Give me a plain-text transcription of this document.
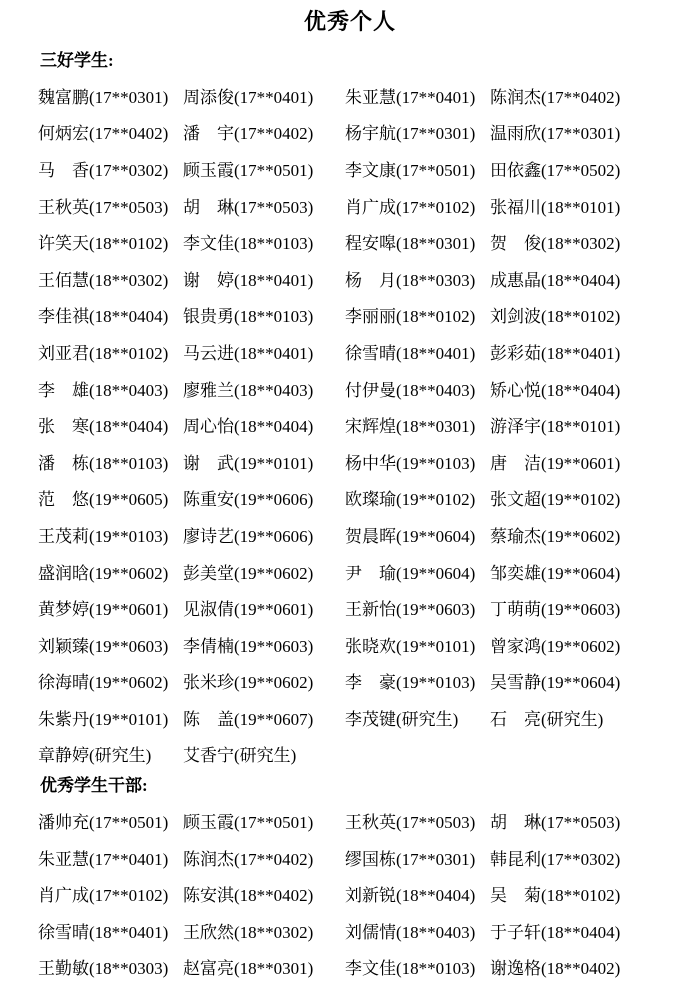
优秀个人
三好学生:
魏富鹏(17**0301) 周添俊(17**0401)	朱亚慧(17**0401) 陈润杰(17**0402)
何炳宏(17**0402) 潘　宇(17**0402)	杨宇航(17**0301) 温雨欣(17**0301)
马　香(17**0302) 顾玉霞(17**0501)	李文康(17**0501) 田依鑫(17**0502)
王秋英(17**0503) 胡　琳(17**0503)	肖广成(17**0102) 张福川(18**0101)
许笑天(18**0102) 李文佳(18**0103)	程安嗥(18**0301) 贺　俊(18**0302)
王佰慧(18**0302) 谢　婷(18**0401)	杨　月(18**0303) 成惠晶(18**0404)
李佳祺(18**0404) 银贵勇(18**0103)	李丽丽(18**0102) 刘剑波(18**0102)
刘亚君(18**0102) 马云进(18**0401)	徐雪晴(18**0401) 彭彩茹(18**0401)
李　雄(18**0403) 廖雅兰(18**0403)	付伊曼(18**0403) 矫心悦(18**0404)
张　寒(18**0404) 周心怡(18**0404)	宋辉煌(18**0301) 游泽宇(18**0101)
潘　栋(18**0103) 谢　武(19**0101)	杨中华(19**0103) 唐　洁(19**0601)
范　悠(19**0605) 陈重安(19**0606)	欧璨瑜(19**0102) 张文超(19**0102)
王茂莉(19**0103) 廖诗艺(19**0606)	贺晨晖(19**0604) 蔡瑜杰(19**0602)
盛润晗(19**0602) 彭美堂(19**0602)	尹　瑜(19**0604) 邹奕雄(19**0604)
黄梦婷(19**0601) 见淑倩(19**0601)	王新怡(19**0603) 丁萌萌(19**0603)
刘颖臻(19**0603) 李倩楠(19**0603)	张晓欢(19**0101) 曾家鸿(19**0602)
徐海晴(19**0602) 张米珍(19**0602)	李　豪(19**0103) 吴雪静(19**0604)
朱紫丹(19**0101) 陈　盖(19**0607)	李茂键(研究生)	石　亮(研究生)
章静婷(研究生)	艾香宁(研究生)
优秀学生干部:
潘帅充(17**0501) 顾玉霞(17**0501)	王秋英(17**0503) 胡　琳(17**0503)
朱亚慧(17**0401) 陈润杰(17**0402)	缪国栋(17**0301) 韩昆利(17**0302)
肖广成(17**0102) 陈安淇(18**0402)	刘新锐(18**0404) 吴　菊(18**0102)
徐雪晴(18**0401) 王欣然(18**0302)	刘儒情(18**0403) 于子轩(18**0404)
王勤敏(18**0303) 赵富亮(18**0301)	李文佳(18**0103) 谢逸格(18**0402)
